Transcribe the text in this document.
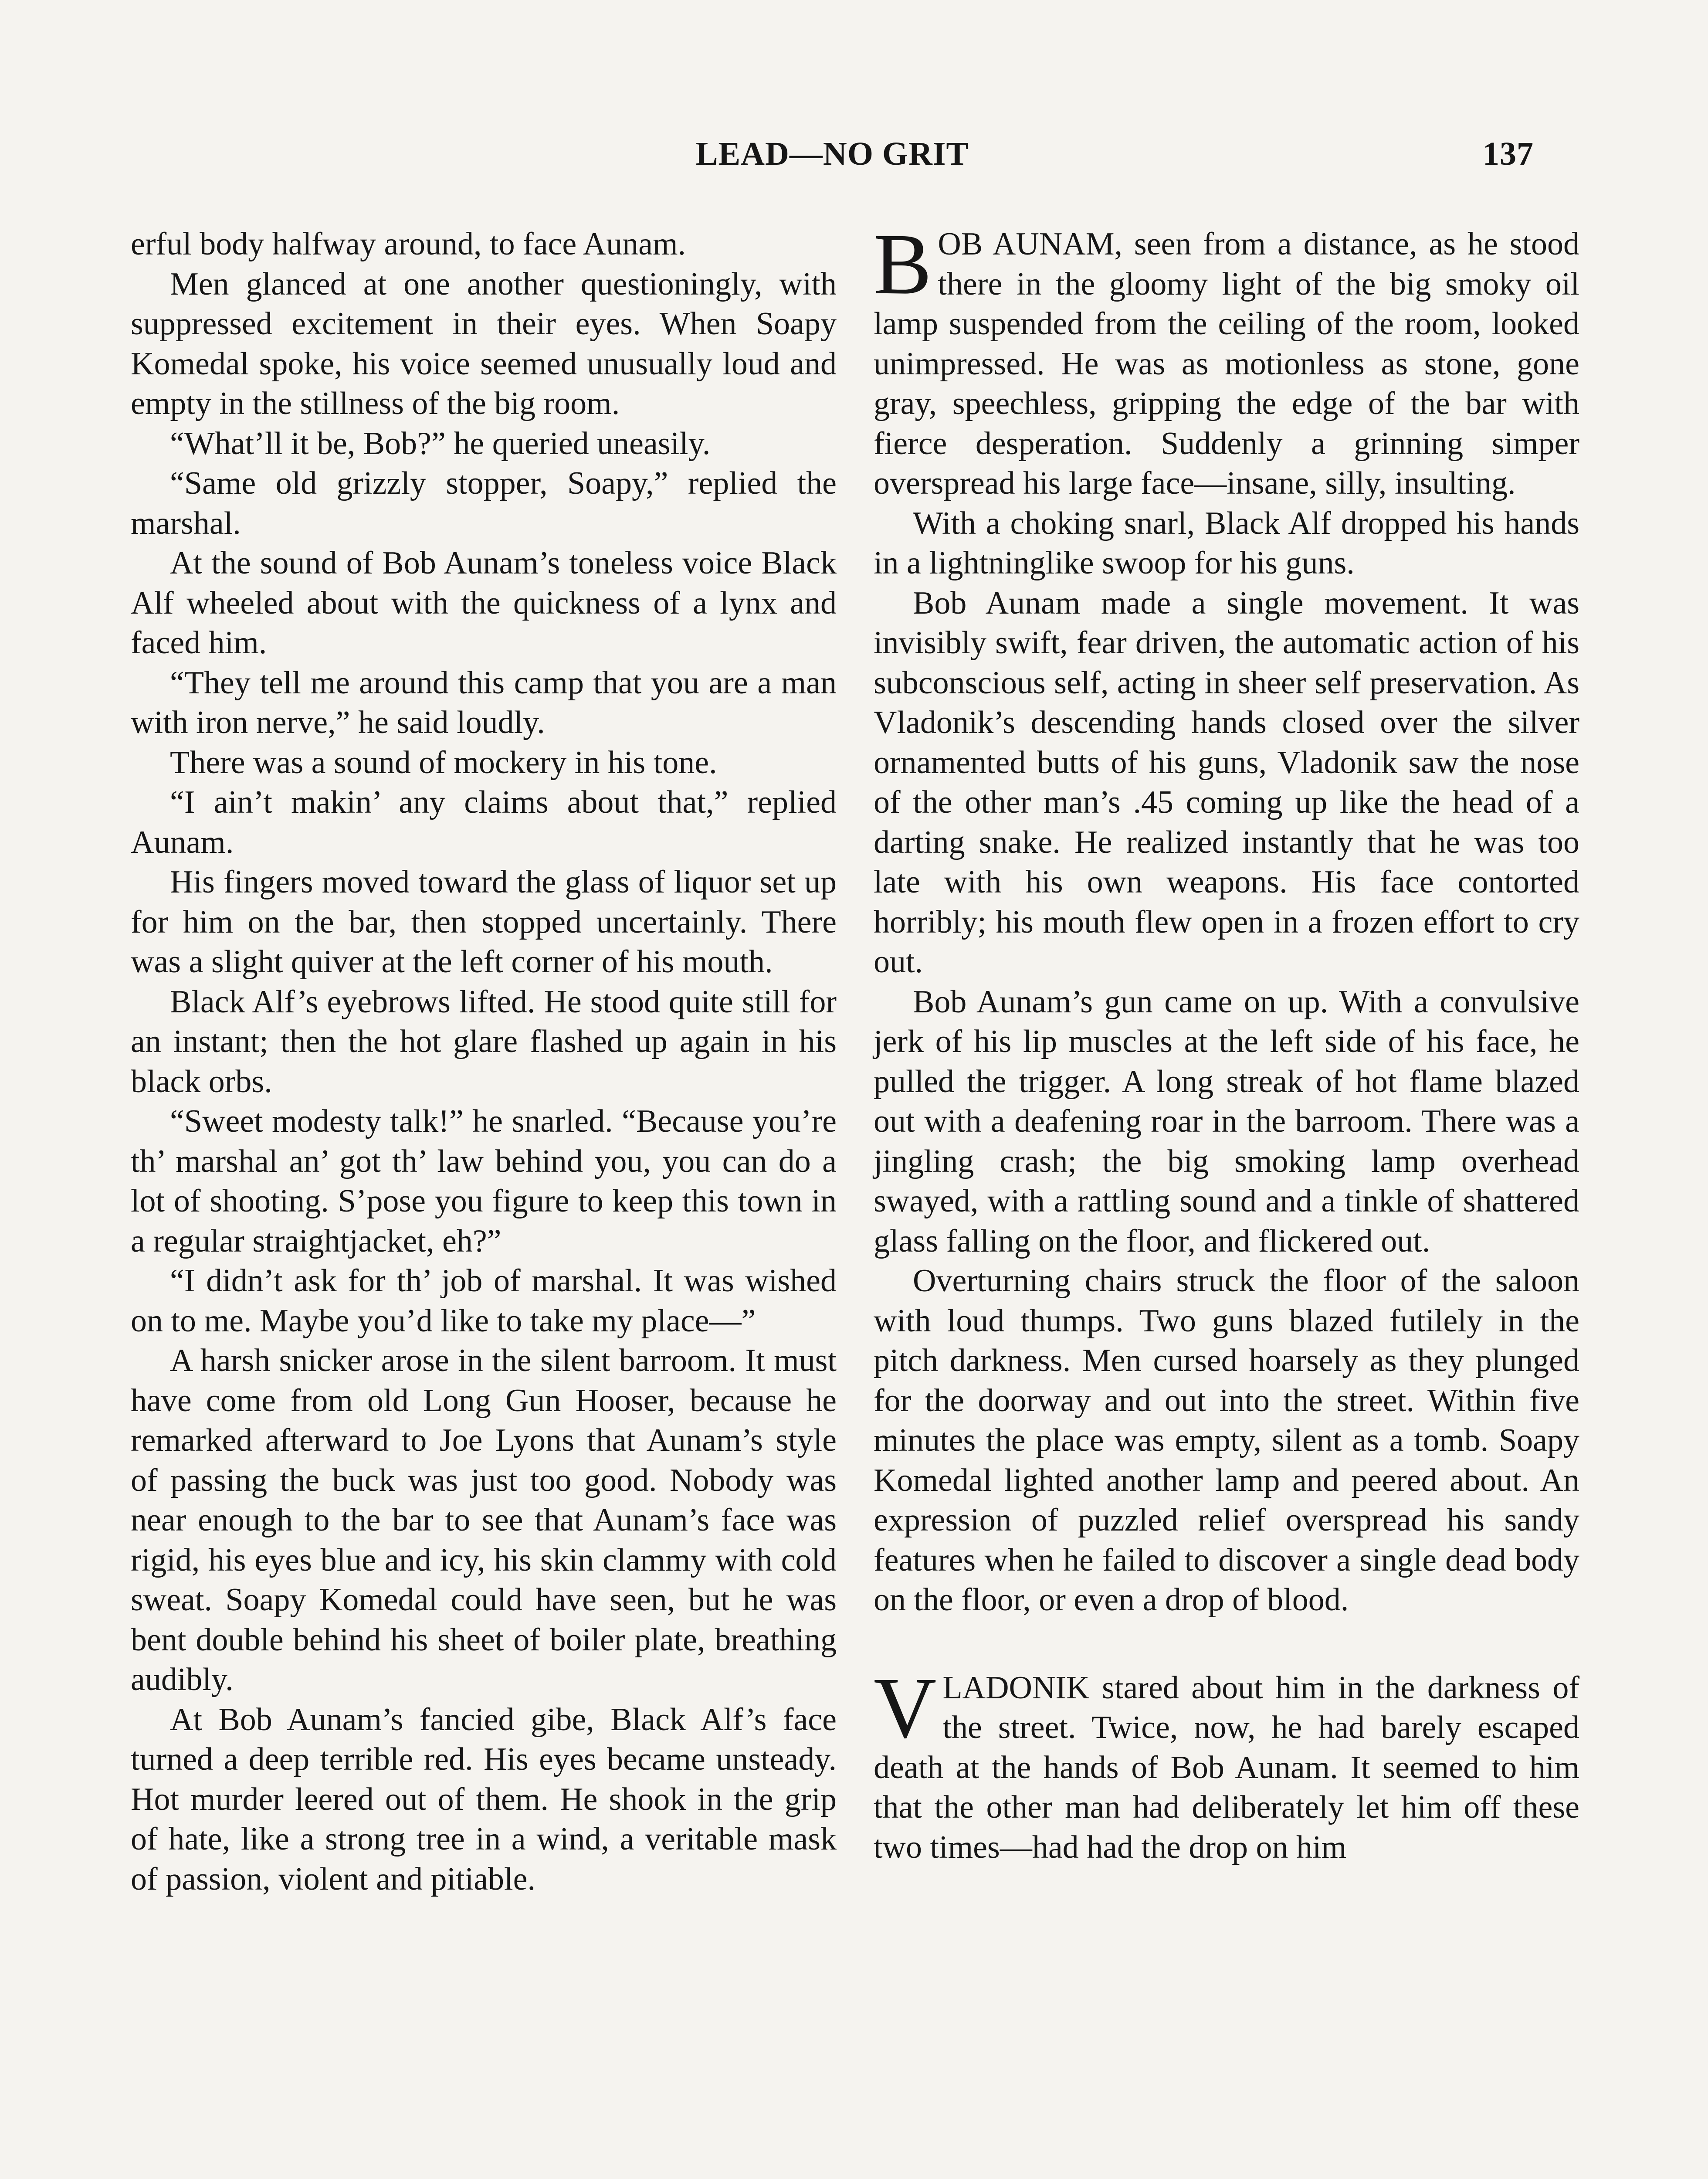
LEAD—NO GRIT	137

erful body halfway around, to face Aunam.

Men glanced at one another questioningly, with suppressed excitement in their eyes. When Soapy Komedal spoke, his voice seemed unusually loud and empty in the stillness of the big room.

“What’ll it be, Bob?” he queried uneasily.

“Same old grizzly stopper, Soapy,” replied the marshal.

At the sound of Bob Aunam’s toneless voice Black Alf wheeled about with the quickness of a lynx and faced him.

“They tell me around this camp that you are a man with iron nerve,” he said loudly.

There was a sound of mockery in his tone.

“I ain’t makin’ any claims about that,” replied Aunam.

His fingers moved toward the glass of liquor set up for him on the bar, then stopped uncertainly. There was a slight quiver at the left corner of his mouth.

Black Alf’s eyebrows lifted. He stood quite still for an instant; then the hot glare flashed up again in his black orbs.

“Sweet modesty talk!” he snarled. “Because you’re th’ marshal an’ got th’ law behind you, you can do a lot of shooting. S’pose you figure to keep this town in a regular straightjacket, eh?”

“I didn’t ask for th’ job of marshal. It was wished on to me. Maybe you’d like to take my place—”

A harsh snicker arose in the silent barroom. It must have come from old Long Gun Hooser, because he remarked afterward to Joe Lyons that Aunam’s style of passing the buck was just too good. Nobody was near enough to the bar to see that Aunam’s face was rigid, his eyes blue and icy, his skin clammy with cold sweat. Soapy Komedal could have seen, but he was bent double behind his sheet of boiler plate, breathing audibly.

At Bob Aunam’s fancied gibe, Black Alf’s face turned a deep terrible red. His eyes became unsteady. Hot murder leered out of them. He shook in the grip of hate, like a strong tree in a wind, a veritable mask of passion, violent and pitiable.

BOB AUNAM, seen from a distance, as he stood there in the gloomy light of the big smoky oil lamp suspended from the ceiling of the room, looked unimpressed. He was as motionless as stone, gone gray, speechless, gripping the edge of the bar with fierce desperation. Suddenly a grinning simper overspread his large face—insane, silly, insulting.

With a choking snarl, Black Alf dropped his hands in a lightninglike swoop for his guns.

Bob Aunam made a single movement. It was invisibly swift, fear driven, the automatic action of his subconscious self, acting in sheer self preservation. As Vladonik’s descending hands closed over the silver ornamented butts of his guns, Vladonik saw the nose of the other man’s .45 coming up like the head of a darting snake. He realized instantly that he was too late with his own weapons. His face contorted horribly; his mouth flew open in a frozen effort to cry out.

Bob Aunam’s gun came on up. With a convulsive jerk of his lip muscles at the left side of his face, he pulled the trigger. A long streak of hot flame blazed out with a deafening roar in the barroom. There was a jingling crash; the big smoking lamp overhead swayed, with a rattling sound and a tinkle of shattered glass falling on the floor, and flickered out.

Overturning chairs struck the floor of the saloon with loud thumps. Two guns blazed futilely in the pitch darkness. Men cursed hoarsely as they plunged for the doorway and out into the street. Within five minutes the place was empty, silent as a tomb. Soapy Komedal lighted another lamp and peered about. An expression of puzzled relief overspread his sandy features when he failed to discover a single dead body on the floor, or even a drop of blood.

VLADONIK stared about him in the darkness of the street. Twice, now, he had barely escaped death at the hands of Bob Aunam. It seemed to him that the other man had deliberately let him off these two times—had had the drop on him
